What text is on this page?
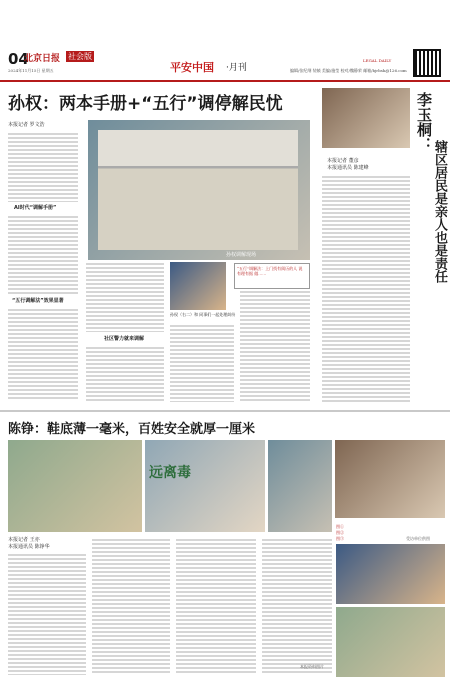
04
北京日报 社会版
2024年11月15日 星期五	平安中国 ·月刊	编辑/张纪纲 装帧 美编/施莹 校对/魏静荣 邮箱/bjrbsh@126.com
LEGAL DAILY
孙权：两本手册+“五行”调停解民忧
本报记者 罗文浩
AI时代“调解手册”
“五行调解法”效果显著
孙权调解现场
“五行”调解法：上门找有阅历的人 说 有理有据 做……
孙权（右二）和 同事们一起处理纠纷
社区警力就来调解
本报记者 董彦
本报通讯员 陈建峰
李玉桐：
辖区居民是亲人也是责任
陈铮：鞋底薄一毫米，百姓安全就厚一厘米
远离毒
本报记者 王亦
本报通讯员 陈铮华
图①
图②
图③	受访单位供图
本报资料图片
